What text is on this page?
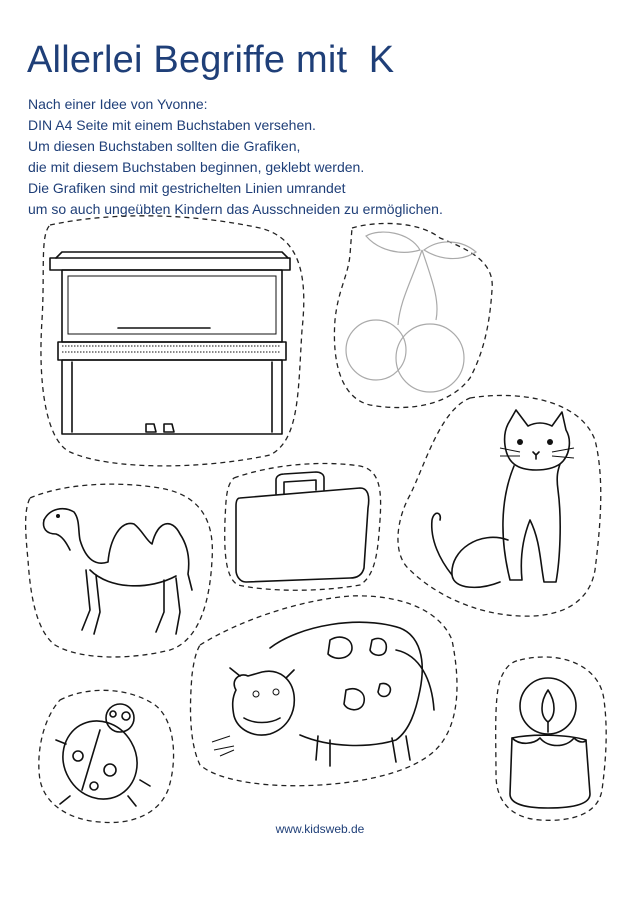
Allerlei Begriffe mit  K
Nach einer Idee von Yvonne:
DIN A4 Seite mit einem Buchstaben versehen.
Um diesen Buchstaben sollten die Grafiken,
die mit diesem Buchstaben beginnen, geklebt werden.
Die Grafiken sind mit gestrichelten Linien umrandet
um so auch ungeübten Kindern das Ausschneiden zu ermöglichen.
www.kidsweb.de
